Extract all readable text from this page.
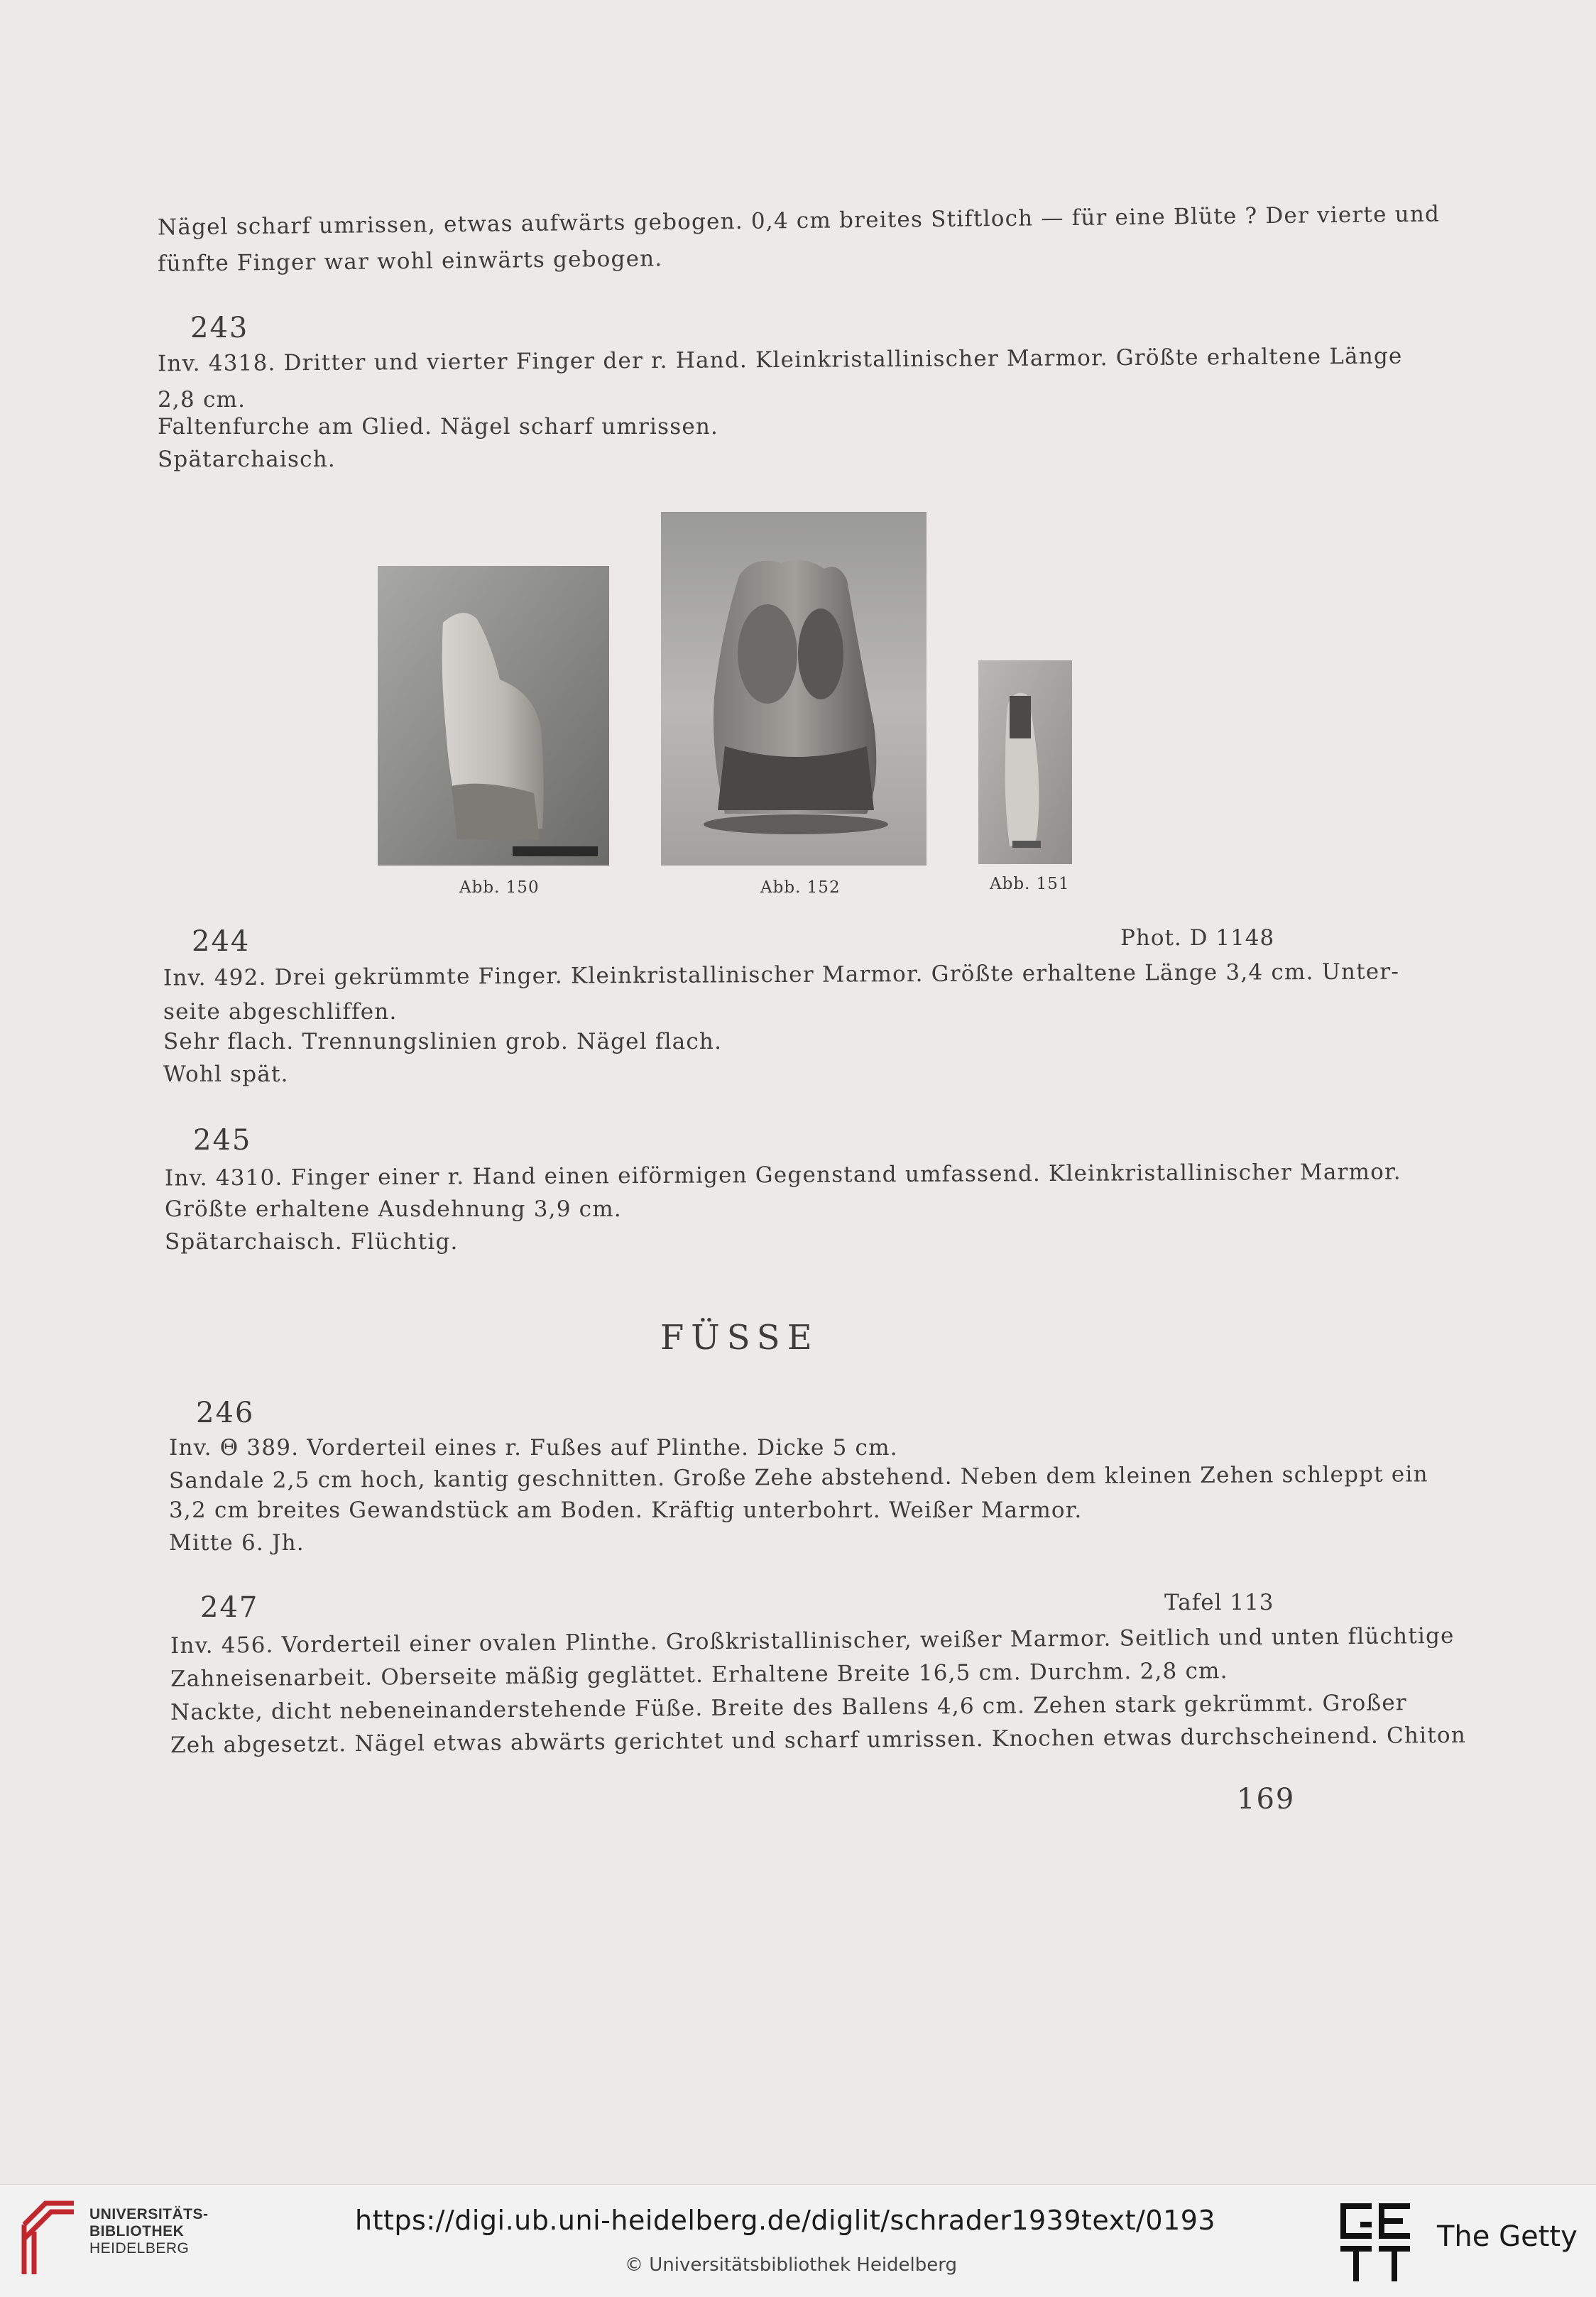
Nägel scharf umrissen, etwas aufwärts gebogen. 0,4 cm breites Stiftloch — für eine Blüte ? Der vierte und
fünfte Finger war wohl einwärts gebogen.
243
Inv. 4318. Dritter und vierter Finger der r. Hand. Kleinkristallinischer Marmor. Größte erhaltene Länge
2,8 cm.
Faltenfurche am Glied. Nägel scharf umrissen.
Spätarchaisch.
Abb. 150	Abb. 152	Abb. 151
244	Phot. D 1148
Inv. 492. Drei gekrümmte Finger. Kleinkristallinischer Marmor. Größte erhaltene Länge 3,4 cm. Unter-
seite abgeschliffen.
Sehr flach. Trennungslinien grob. Nägel flach.
Wohl spät.
245
Inv. 4310. Finger einer r. Hand einen eiförmigen Gegenstand umfassend. Kleinkristallinischer Marmor.
Größte erhaltene Ausdehnung 3,9 cm.
Spätarchaisch. Flüchtig.
FÜSSE
246
Inv. Θ 389. Vorderteil eines r. Fußes auf Plinthe. Dicke 5 cm.
Sandale 2,5 cm hoch, kantig geschnitten. Große Zehe abstehend. Neben dem kleinen Zehen schleppt ein
3,2 cm breites Gewandstück am Boden. Kräftig unterbohrt. Weißer Marmor.
Mitte 6. Jh.
247	Tafel 113
Inv. 456. Vorderteil einer ovalen Plinthe. Großkristallinischer, weißer Marmor. Seitlich und unten flüchtige
Zahneisenarbeit. Oberseite mäßig geglättet. Erhaltene Breite 16,5 cm. Durchm. 2,8 cm.
Nackte, dicht nebeneinanderstehende Füße. Breite des Ballens 4,6 cm. Zehen stark gekrümmt. Großer
Zeh abgesetzt. Nägel etwas abwärts gerichtet und scharf umrissen. Knochen etwas durchscheinend. Chiton
169
UNIVERSITÄTS-
BIBLIOTHEK
HEIDELBERG
https://digi.ub.uni-heidelberg.de/diglit/schrader1939text/0193
© Universitätsbibliothek Heidelberg
The Getty
